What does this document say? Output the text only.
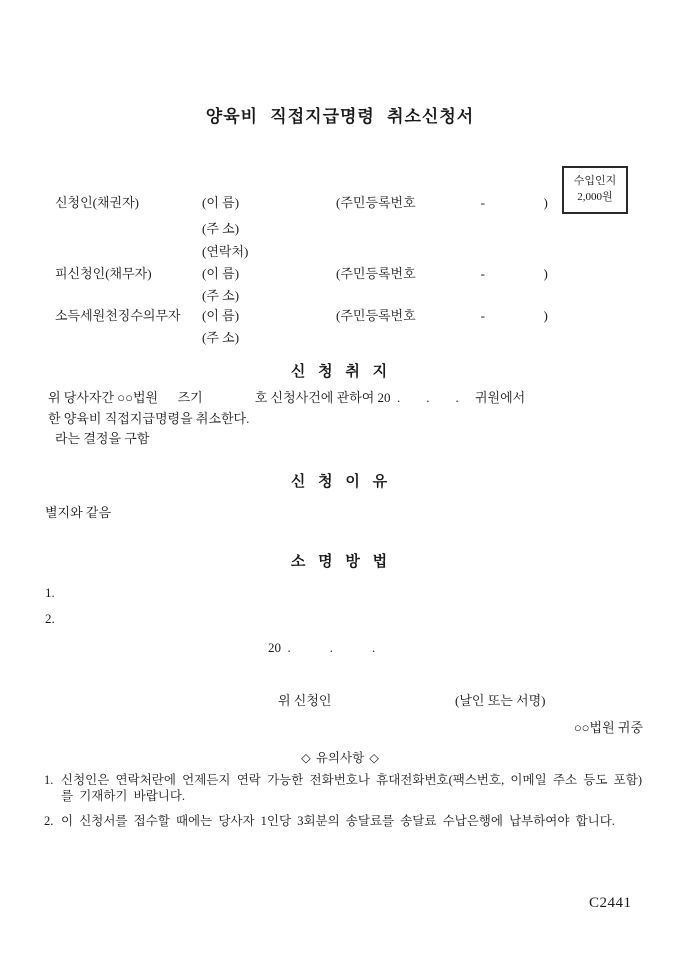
양육비 직접지급명령 취소신청서
수입인지
2,000원
신청인(채권자)	(이 름)	(주민등록번호                    -                  )
(주 소)
(연락처)
피신청인(채무자)	(이 름)	(주민등록번호                    -                  )
(주 소)
소득세원천징수의무자 (이 름)	(주민등록번호                    -                  )
(주 소)
신 청 취 지
위 당사자간 ○○법원      즈기                호 신청사건에 관하여 20  .        .        .     귀원에서
한 양육비 직접지급명령을 취소한다.
라는 결정을 구함
신 청 이 유
별지와 같음
소 명 방 법
1.
2.
20  .            .            .
위 신청인	(날인 또는 서명)
○○법원 귀중
◇ 유의사항 ◇
1. 신청인은 연락처란에 언제든지 연락 가능한 전화번호나 휴대전화번호(팩스번호, 이메일 주소 등도 포함)를 기재하기 바랍니다.
2. 이 신청서를 접수할 때에는 당사자 1인당 3회분의 송달료를 송달료 수납은행에 납부하여야 합니다.
C2441
